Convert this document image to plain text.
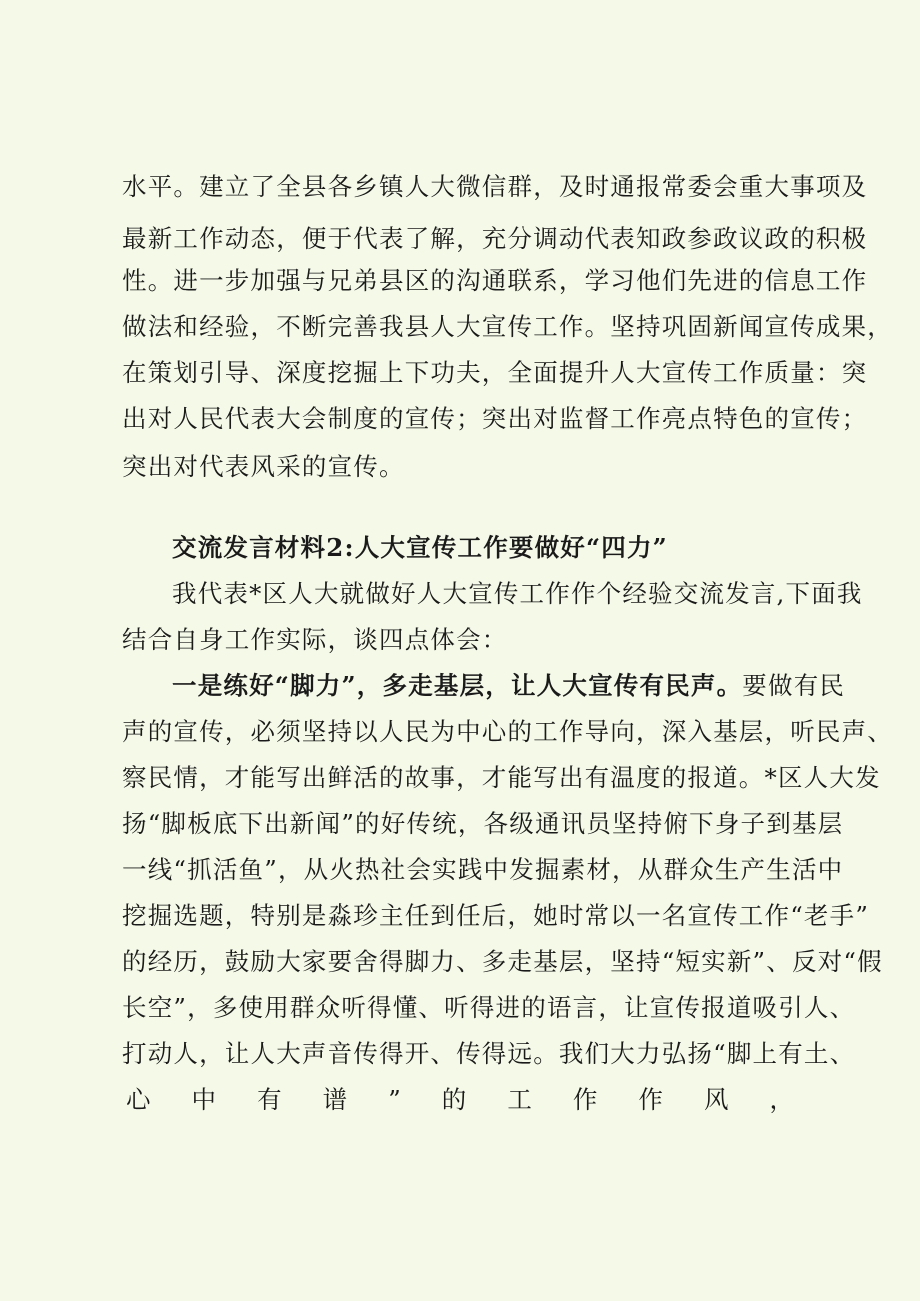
水平。建立了全县各乡镇人大微信群，及时通报常委会重大事项及
最新工作动态，便于代表了解，充分调动代表知政参政议政的积极
性。进一步加强与兄弟县区的沟通联系，学习他们先进的信息工作
做法和经验，不断完善我县人大宣传工作。坚持巩固新闻宣传成果，
在策划引导、深度挖掘上下功夫，全面提升人大宣传工作质量：突
出对人民代表大会制度的宣传；突出对监督工作亮点特色的宣传；
突出对代表风采的宣传。
交流发言材料2:人大宣传工作要做好“四力”
我代表*区人大就做好人大宣传工作作个经验交流发言,下面我
结合自身工作实际，谈四点体会：
一是练好“脚力”，多走基层，让人大宣传有民声。要做有民
声的宣传，必须坚持以人民为中心的工作导向，深入基层，听民声、
察民情，才能写出鲜活的故事，才能写出有温度的报道。*区人大发
扬“脚板底下出新闻”的好传统，各级通讯员坚持俯下身子到基层
一线“抓活鱼”，从火热社会实践中发掘素材，从群众生产生活中
挖掘选题，特别是淼珍主任到任后，她时常以一名宣传工作“老手”
的经历，鼓励大家要舍得脚力、多走基层，坚持“短实新”、反对“假
长空”，多使用群众听得懂、听得进的语言，让宣传报道吸引人、
打动人，让人大声音传得开、传得远。我们大力弘扬“脚上有土、
心 中 有 谱 ” 的 工 作 作 风 ，
